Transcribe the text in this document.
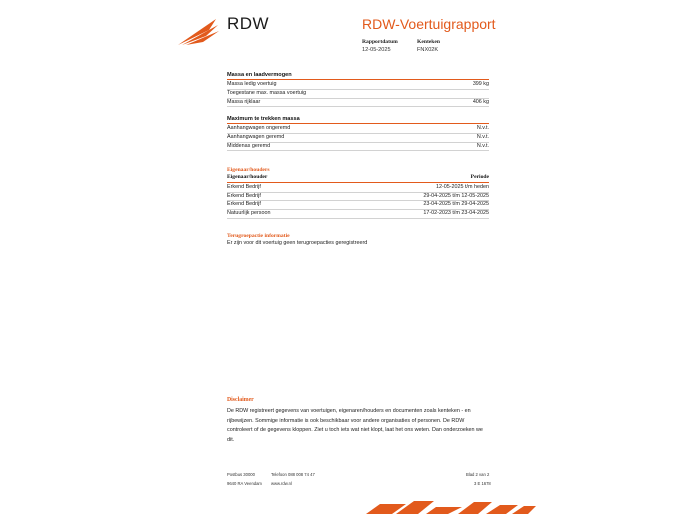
RDW	RDW-Voertuigrapport
Rapportdatum
12-05-2025
Kenteken
FNX02K
Massa en laadvermogen
Massa ledig voertuig	399 kg
Toegestane max. massa voertuig
Massa rijklaar	406 kg
Maximum te trekken massa
Aanhangwagen ongeremd	N.v.t.
Aanhangwagen geremd	N.v.t.
Middenas geremd	N.v.t.
Eigenaar/houders
Eigenaar/houder	Periode
Erkend Bedrijf	12-05-2025 t/m heden
Erkend Bedrijf	29-04-2025 t/m 12-05-2025
Erkend Bedrijf	23-04-2025 t/m 29-04-2025
Natuurlijk persoon	17-02-2023 t/m 23-04-2025
Terugroepactie informatie
Er zijn voor dit voertuig geen terugroepacties geregistreerd
Disclaimer
De RDW registreert gegevens van voertuigen, eigenaren/houders en documenten zoals kenteken - en rijbewijzen. Sommige informatie is ook beschikbaar voor andere organisaties of personen. De RDW controleert of de gegevens kloppen. Ziet u toch iets wat niet klopt, laat het ons weten. Dan onderzoeken we dit.
Postbus 30000
9640 RA Veendam
Telefoon 088 008 74 47
www.rdw.nl
Blad 2 van 2
3 E 1678
